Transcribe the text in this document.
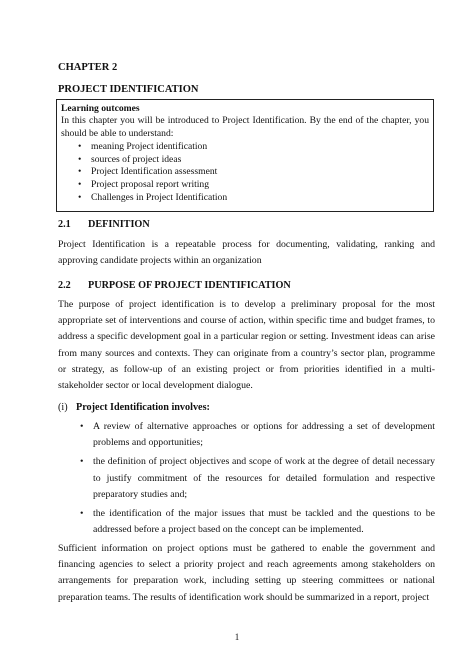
CHAPTER 2
PROJECT IDENTIFICATION
Learning outcomes

In this chapter you will be introduced to Project Identification. By the end of the chapter, you should be able to understand:

• meaning Project identification
• sources of project ideas
• Project Identification assessment
• Project proposal report writing
• Challenges in Project Identification
2.1 DEFINITION

Project Identification is a repeatable process for documenting, validating, ranking and approving candidate projects within an organization

2.2 PURPOSE OF PROJECT IDENTIFICATION

The purpose of project identification is to develop a preliminary proposal for the most appropriate set of interventions and course of action, within specific time and budget frames, to address a specific development goal in a particular region or setting. Investment ideas can arise from many sources and contexts. They can originate from a country’s sector plan, programme or strategy, as follow-up of an existing project or from priorities identified in a multi-stakeholder sector or local development dialogue.

(i) Project Identification involves:
• A review of alternative approaches or options for addressing a set of development problems and opportunities;
• the definition of project objectives and scope of work at the degree of detail necessary to justify commitment of the resources for detailed formulation and respective preparatory studies and;
• the identification of the major issues that must be tackled and the questions to be addressed before a project based on the concept can be implemented.

Sufficient information on project options must be gathered to enable the government and financing agencies to select a priority project and reach agreements among stakeholders on arrangements for preparation work, including setting up steering committees or national preparation teams. The results of identification work should be summarized in a report, project

1
